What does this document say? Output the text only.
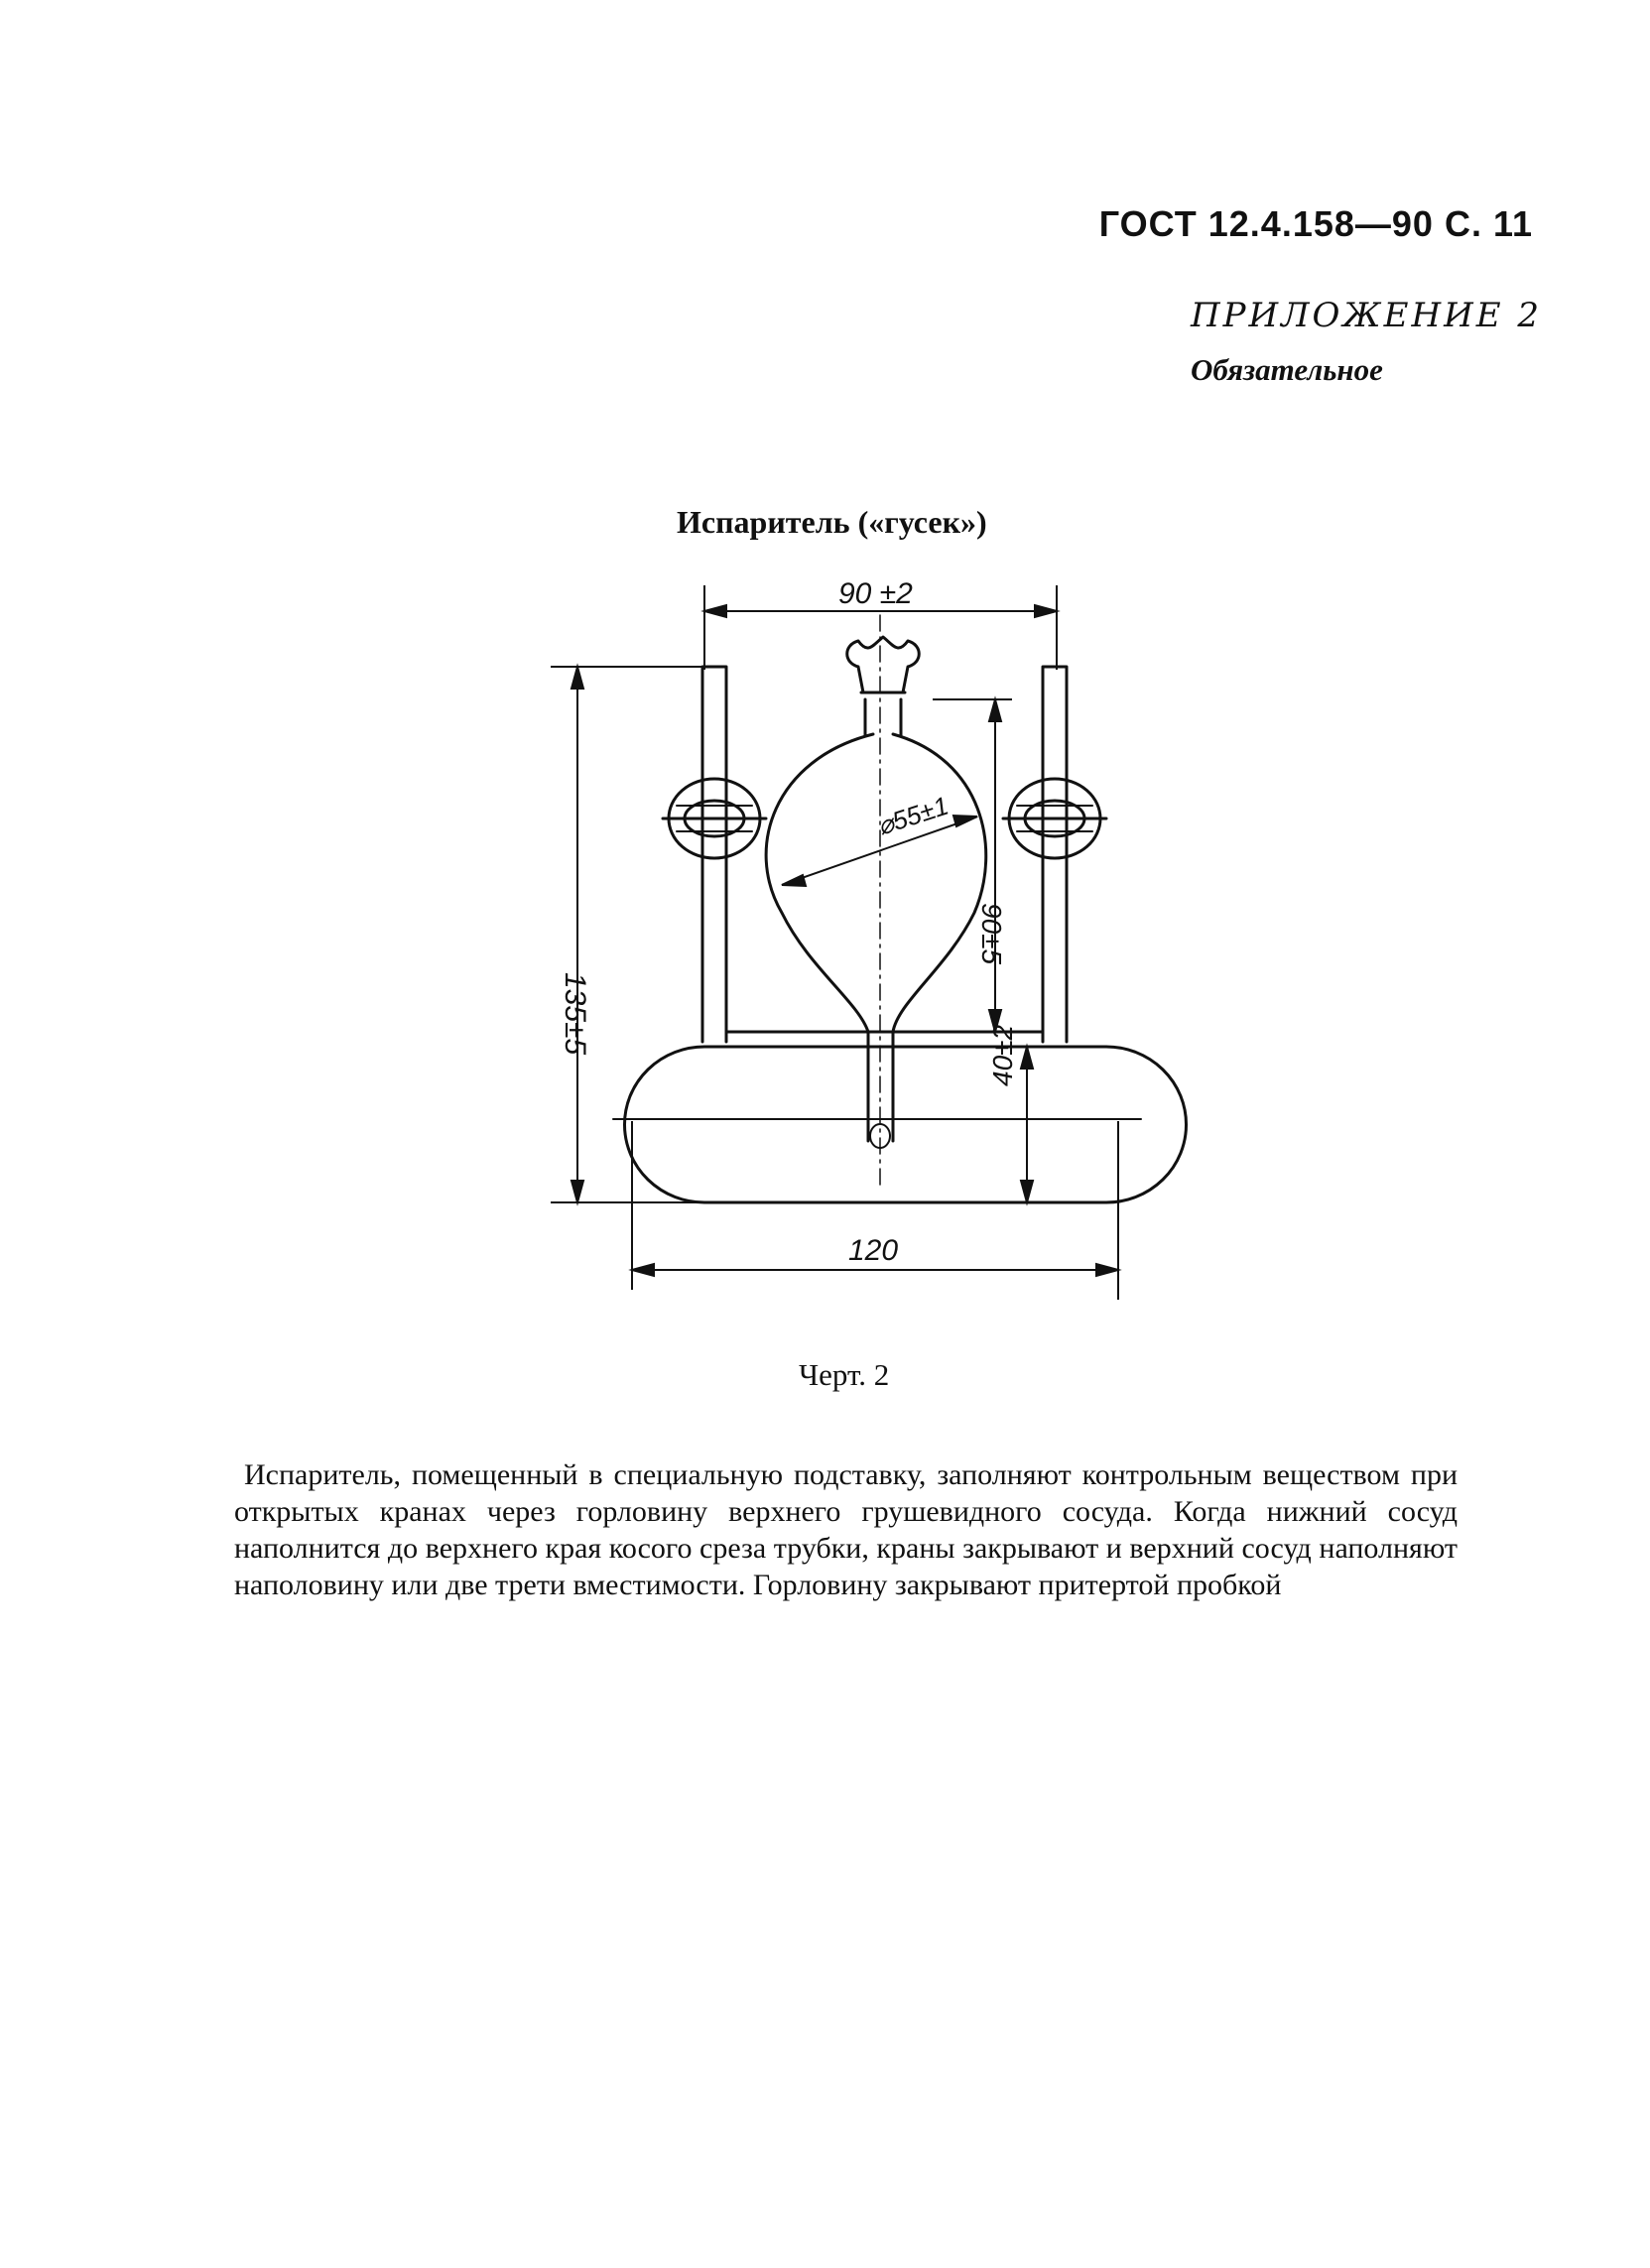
ГОСТ 12.4.158—90 С. 11
ПРИЛОЖЕНИЕ 2
Обязательное
Испаритель («гусек»)
90 ±2
135±5
⌀55±1
90±5
40±2
120
Черт. 2

Испаритель, помещенный в специальную подставку, заполняют контрольным веществом при открытых кранах через горловину верхнего грушевидного сосуда. Когда нижний сосуд наполнится до верхнего края косого среза трубки, краны закрывают и верхний сосуд наполняют наполовину или две трети вместимости. Горловину закрывают притертой пробкой
